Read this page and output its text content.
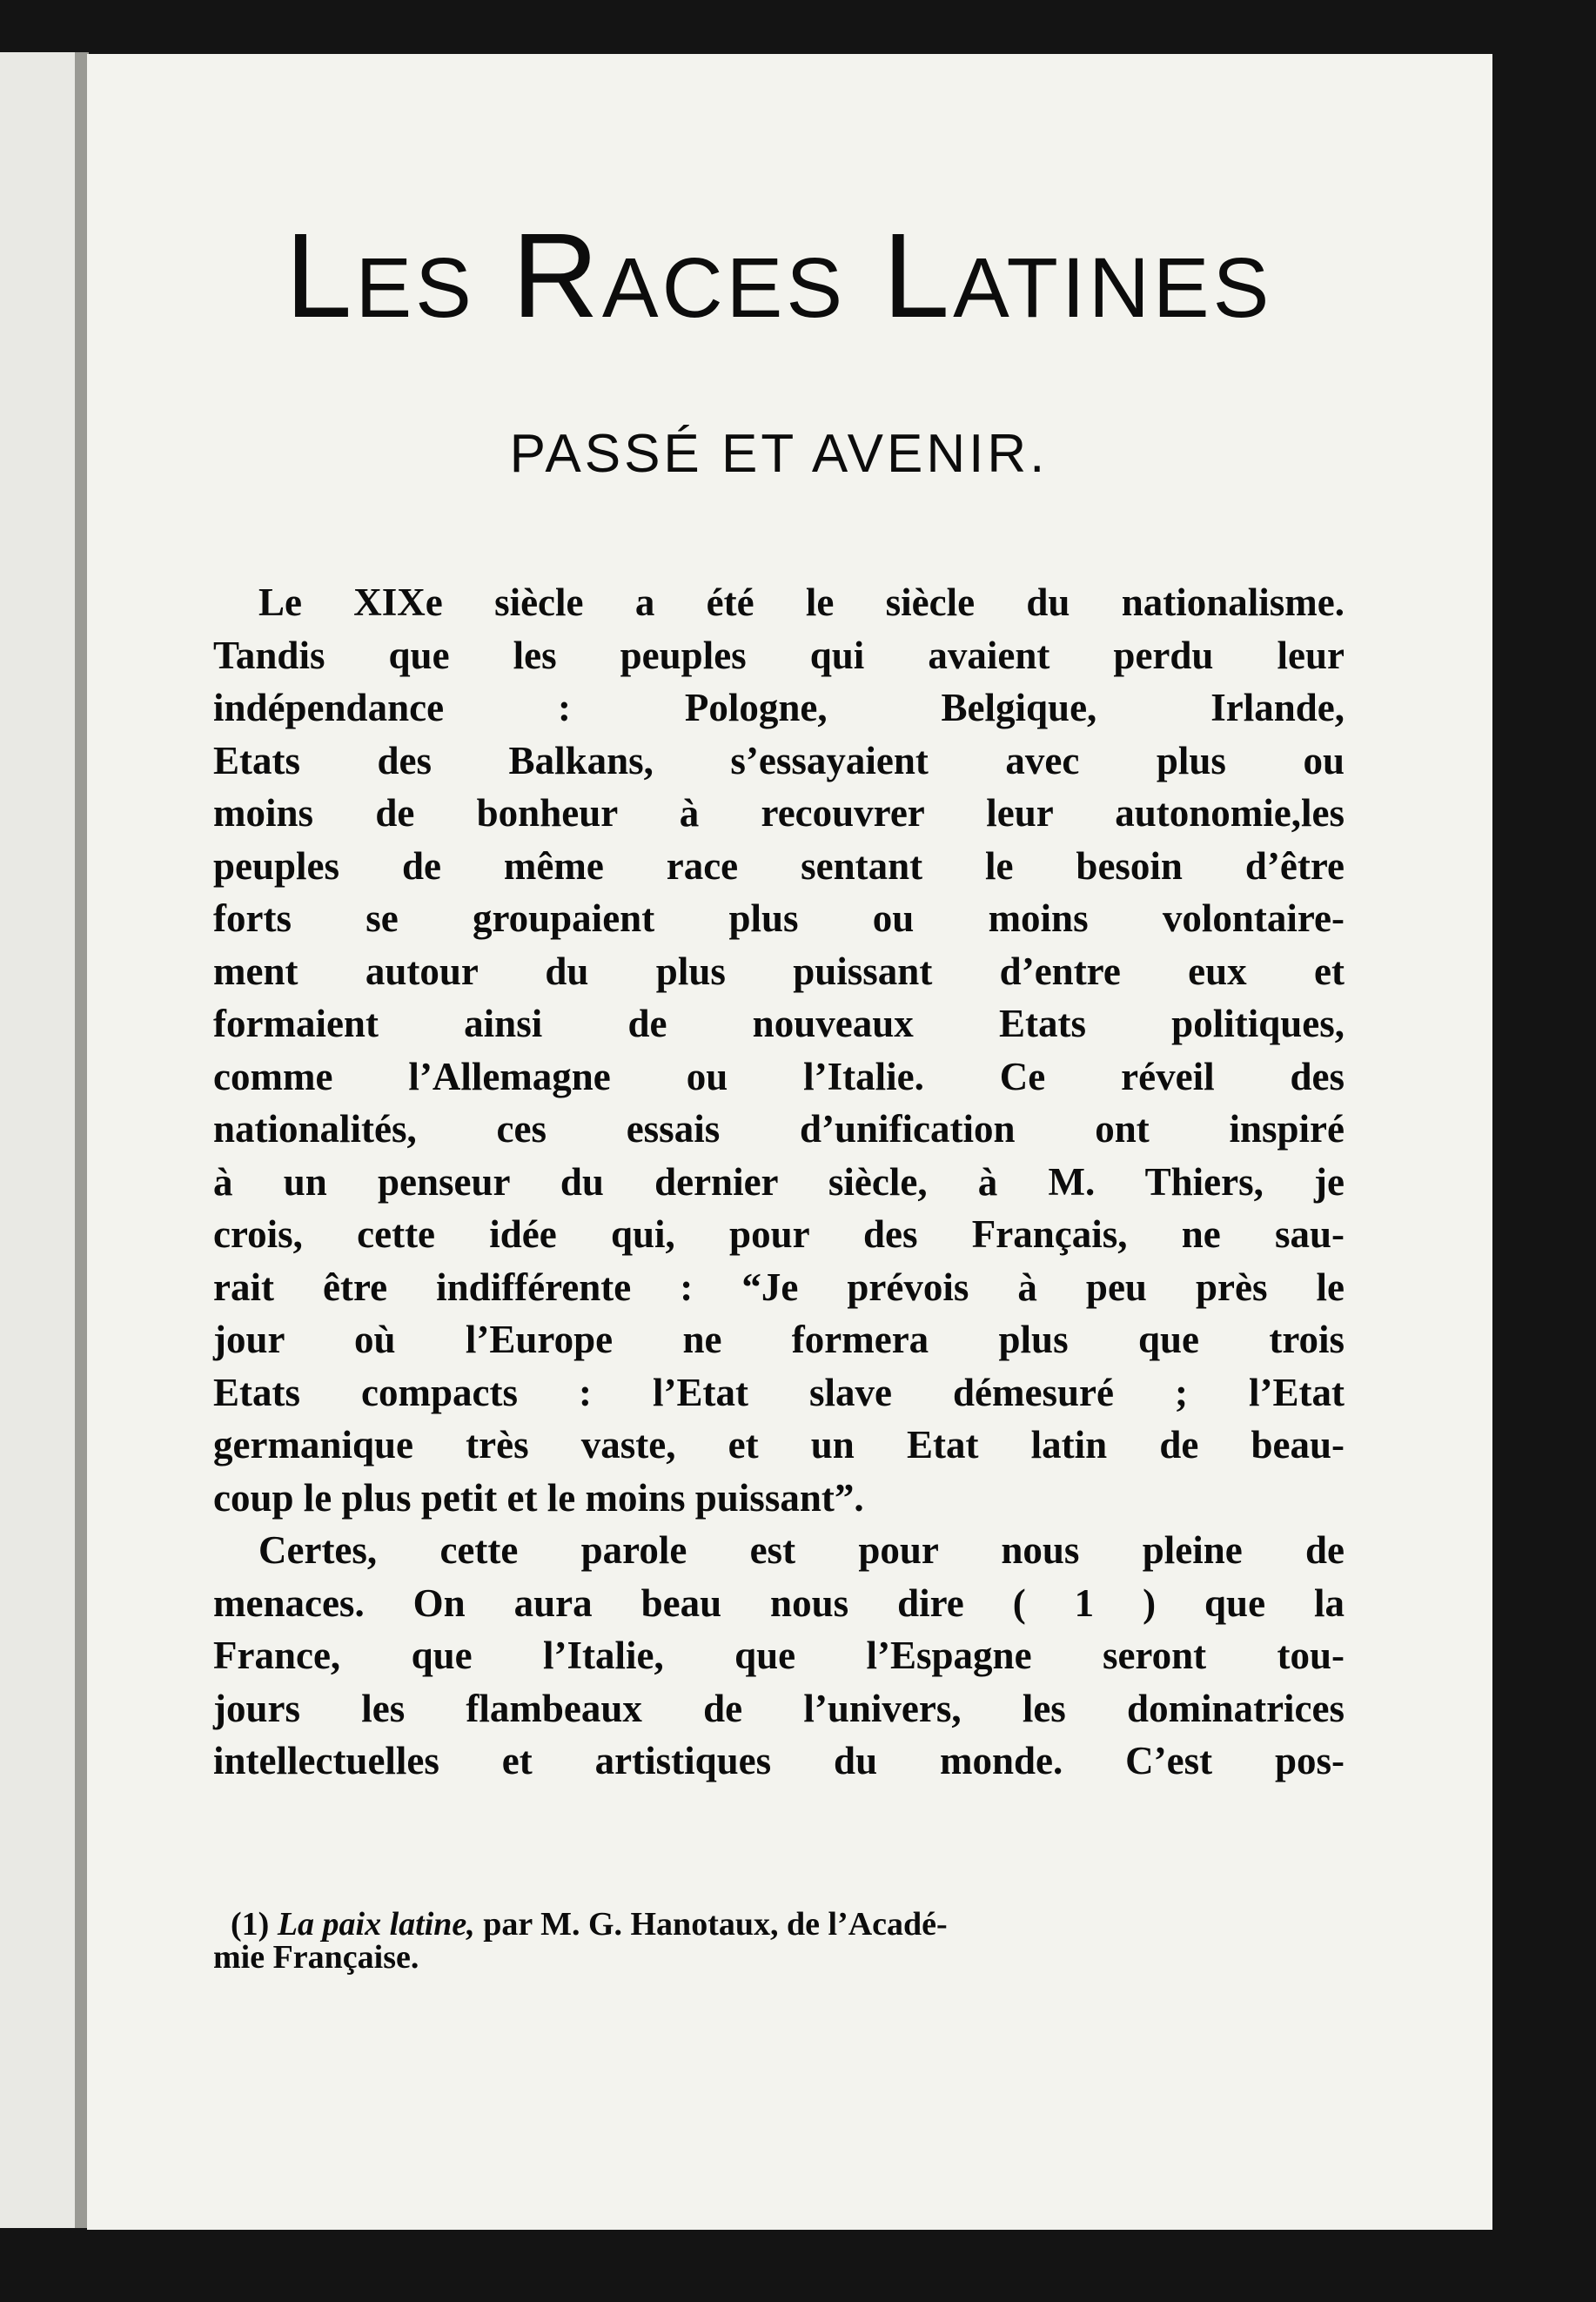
Les Races Latines
PASSÉ ET AVENIR.
Le XIXe siècle a été le siècle du nationalisme.
Tandis que les peuples qui avaient perdu leur
indépendance : Pologne, Belgique, Irlande,
Etats des Balkans, s’essayaient avec plus ou
moins de bonheur à recouvrer leur autonomie,les
peuples de même race sentant le besoin d’être
forts se groupaient plus ou moins volontaire-
ment autour du plus puissant d’entre eux et
formaient ainsi de nouveaux Etats politiques,
comme l’Allemagne ou l’Italie. Ce réveil des
nationalités, ces essais d’unification ont inspiré
à un penseur du dernier siècle, à M. Thiers, je
crois, cette idée qui, pour des Français, ne sau-
rait être indifférente : “Je prévois à peu près le
jour où l’Europe ne formera plus que trois
Etats compacts : l’Etat slave démesuré ; l’Etat
germanique très vaste, et un Etat latin de beau-
coup le plus petit et le moins puissant”.
Certes, cette parole est pour nous pleine de
menaces. On aura beau nous dire ( 1 ) que la
France, que l’Italie, que l’Espagne seront tou-
jours les flambeaux de l’univers, les dominatrices
intellectuelles et artistiques du monde. C’est pos-
(1) La paix latine, par M. G. Hanotaux, de l’Acadé-
mie Française.
